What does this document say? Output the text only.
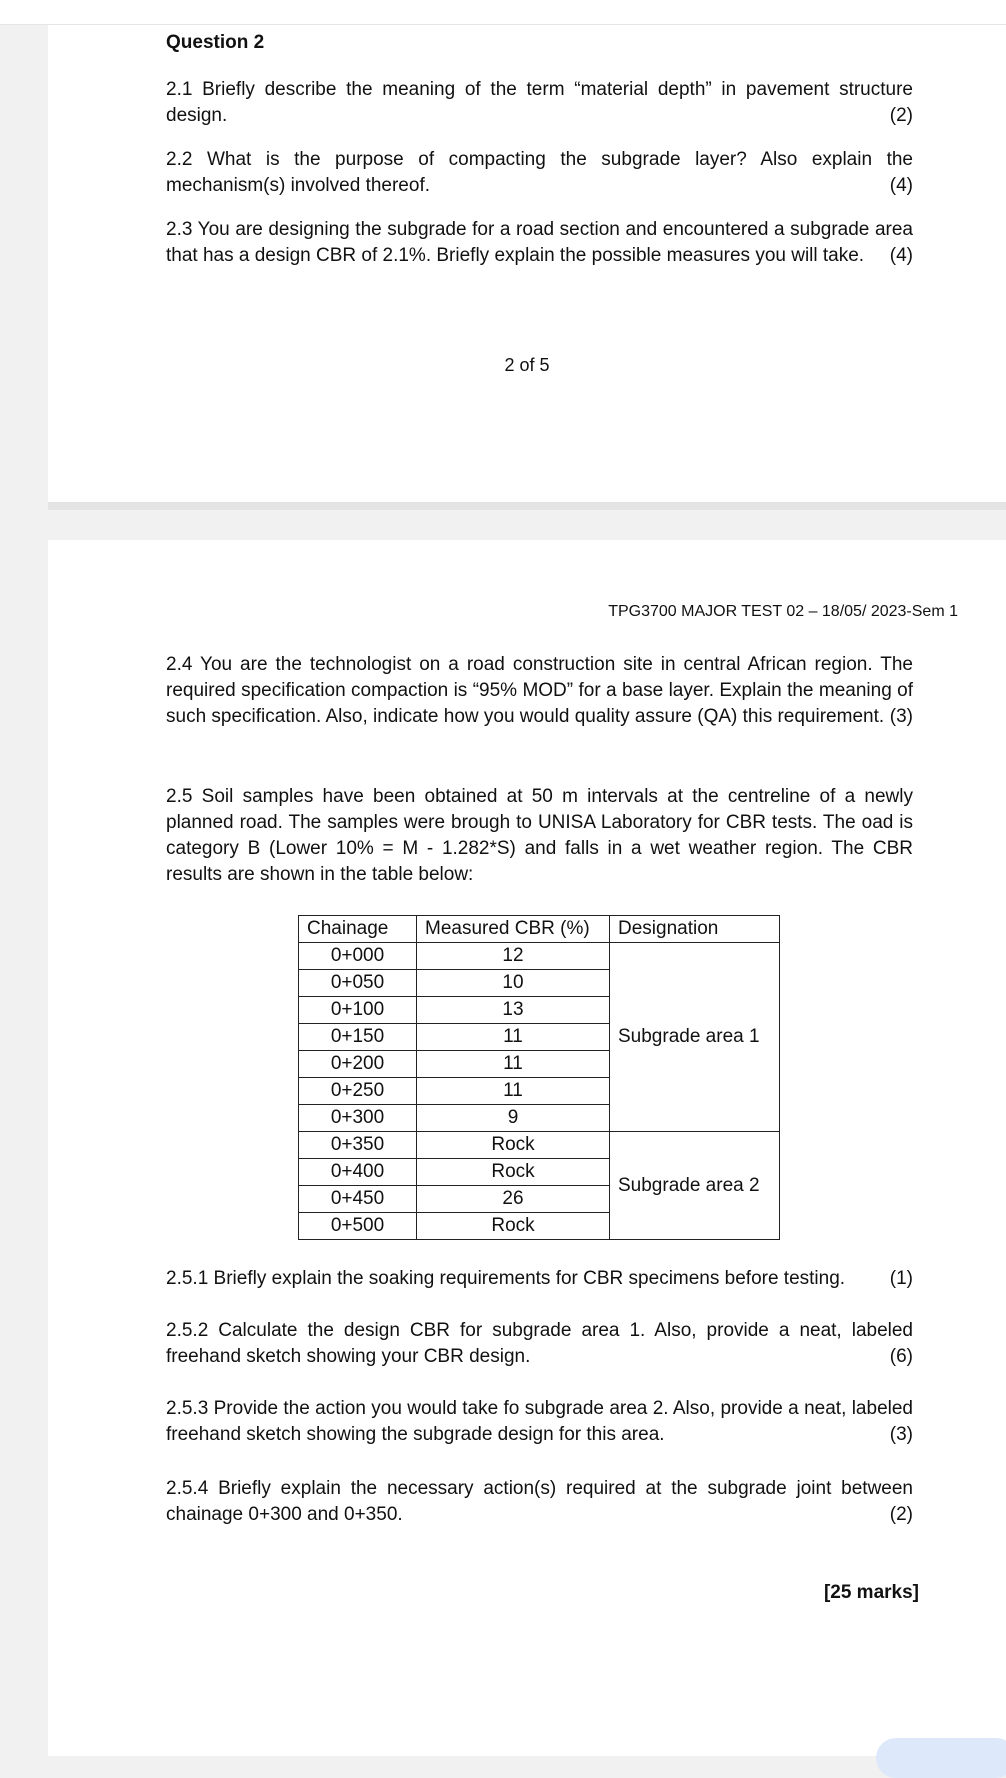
Question 2
2.1 Briefly describe the meaning of the term “material depth” in pavement structure design.	(2)
2.2 What is the purpose of compacting the subgrade layer? Also explain the mechanism(s) involved thereof.	(4)
2.3 You are designing the subgrade for a road section and encountered a subgrade area that has a design CBR of 2.1%. Briefly explain the possible measures you will take. (4)
2 of 5
TPG3700 MAJOR TEST 02 – 18/05/ 2023-Sem 1
2.4 You are the technologist on a road construction site in central African region. The required specification compaction is “95% MOD” for a base layer. Explain the meaning of such specification. Also, indicate how you would quality assure (QA) this requirement. (3)
2.5 Soil samples have been obtained at 50 m intervals at the centreline of a newly planned road. The samples were brough to UNISA Laboratory for CBR tests. The oad is category B (Lower 10% = M - 1.282*S) and falls in a wet weather region. The CBR results are shown in the table below:
Chainage	Measured CBR (%)	Designation
0+000	12	Subgrade area 1
0+050	10	
0+100	13	
0+150	11	
0+200	11	
0+250	11	
0+300	9	
0+350	Rock	Subgrade area 2
0+400	Rock	
0+450	26	
0+500	Rock	
2.5.1 Briefly explain the soaking requirements for CBR specimens before testing. (1)
2.5.2 Calculate the design CBR for subgrade area 1. Also, provide a neat, labeled freehand sketch showing your CBR design.	(6)
2.5.3 Provide the action you would take fo subgrade area 2. Also, provide a neat, labeled freehand sketch showing the subgrade design for this area.	(3)
2.5.4 Briefly explain the necessary action(s) required at the subgrade joint between chainage 0+300 and 0+350.	(2)
[25 marks]
